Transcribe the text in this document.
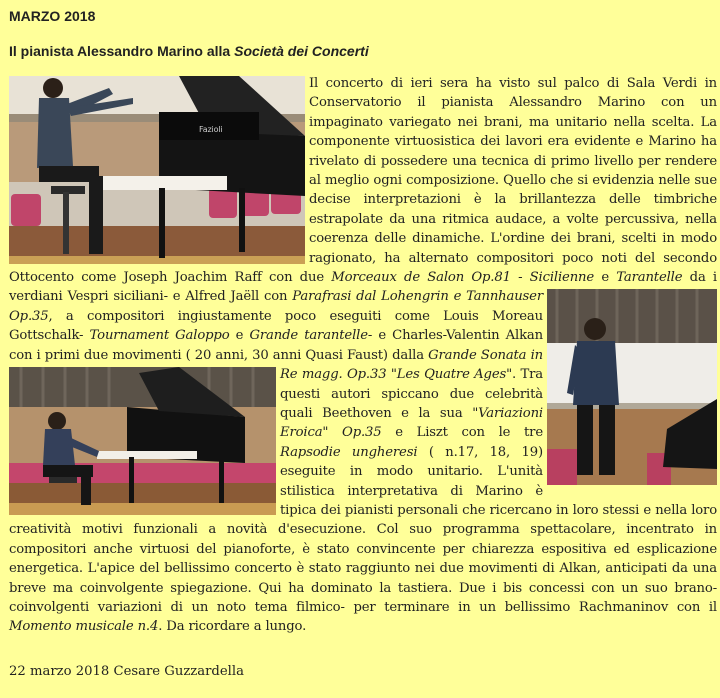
MARZO 2018
Il pianista Alessandro Marino alla Società dei Concerti

Fazioli
Il concerto di ieri sera ha visto sul palco di Sala Verdi in Conservatorio il pianista Alessandro Marino con un impaginato variegato nei brani, ma unitario nella scelta. La componente virtuosistica dei lavori era evidente e Marino ha rivelato di possedere una tecnica di primo livello per rendere al meglio ogni composizione. Quello che si evidenzia nelle sue decise interpretazioni è la brillantezza delle timbriche estrapolate da una ritmica audace, a volte percussiva, nella coerenza delle dinamiche. L'ordine dei brani, scelti in modo ragionato, ha alternato compositori poco noti del secondo Ottocento come Joseph Joachim Raff con due Morceaux de Salon Op.81 - Sicilienne e
Tarantelle da i verdiani Vespri siciliani- e Alfred Jaëll con Parafrasi dal Lohengrin e Tannhauser Op.35, a compositori ingiustamente poco eseguiti come Louis Moreau Gottschalk- Tournament Galoppo e Grande tarantelle- e Charles-Valentin Alkan con i primi due movimenti ( 20 anni, 30 anni Quasi Faust) dalla
Grande Sonata in Re magg. Op.33 "Les Quatre Ages". Tra questi autori spiccano due celebrità quali Beethoven e la sua "Variazioni Eroica" Op.35 e Liszt con le tre Rapsodie ungheresi ( n.17, 18, 19) eseguite in modo unitario. L'unità stilistica interpretativa di Marino è tipica dei pianisti personali che ricercano in loro stessi e nella loro creatività motivi funzionali a novità d'esecuzione. Col suo programma spettacolare, incentrato in compositori anche virtuosi del pianoforte, è stato convincente per chiarezza espositiva ed esplicazione energetica. L'apice del bellissimo concerto è stato raggiunto nei due movimenti di Alkan, anticipati da una breve ma coinvolgente spiegazione. Qui ha dominato la tastiera. Due i bis concessi con un suo brano- coinvolgenti variazioni di un noto tema filmico- per terminare in un bellissimo Rachmaninov con il Momento musicale n.4. Da ricordare a lungo.

22 marzo 2018 Cesare Guzzardella
